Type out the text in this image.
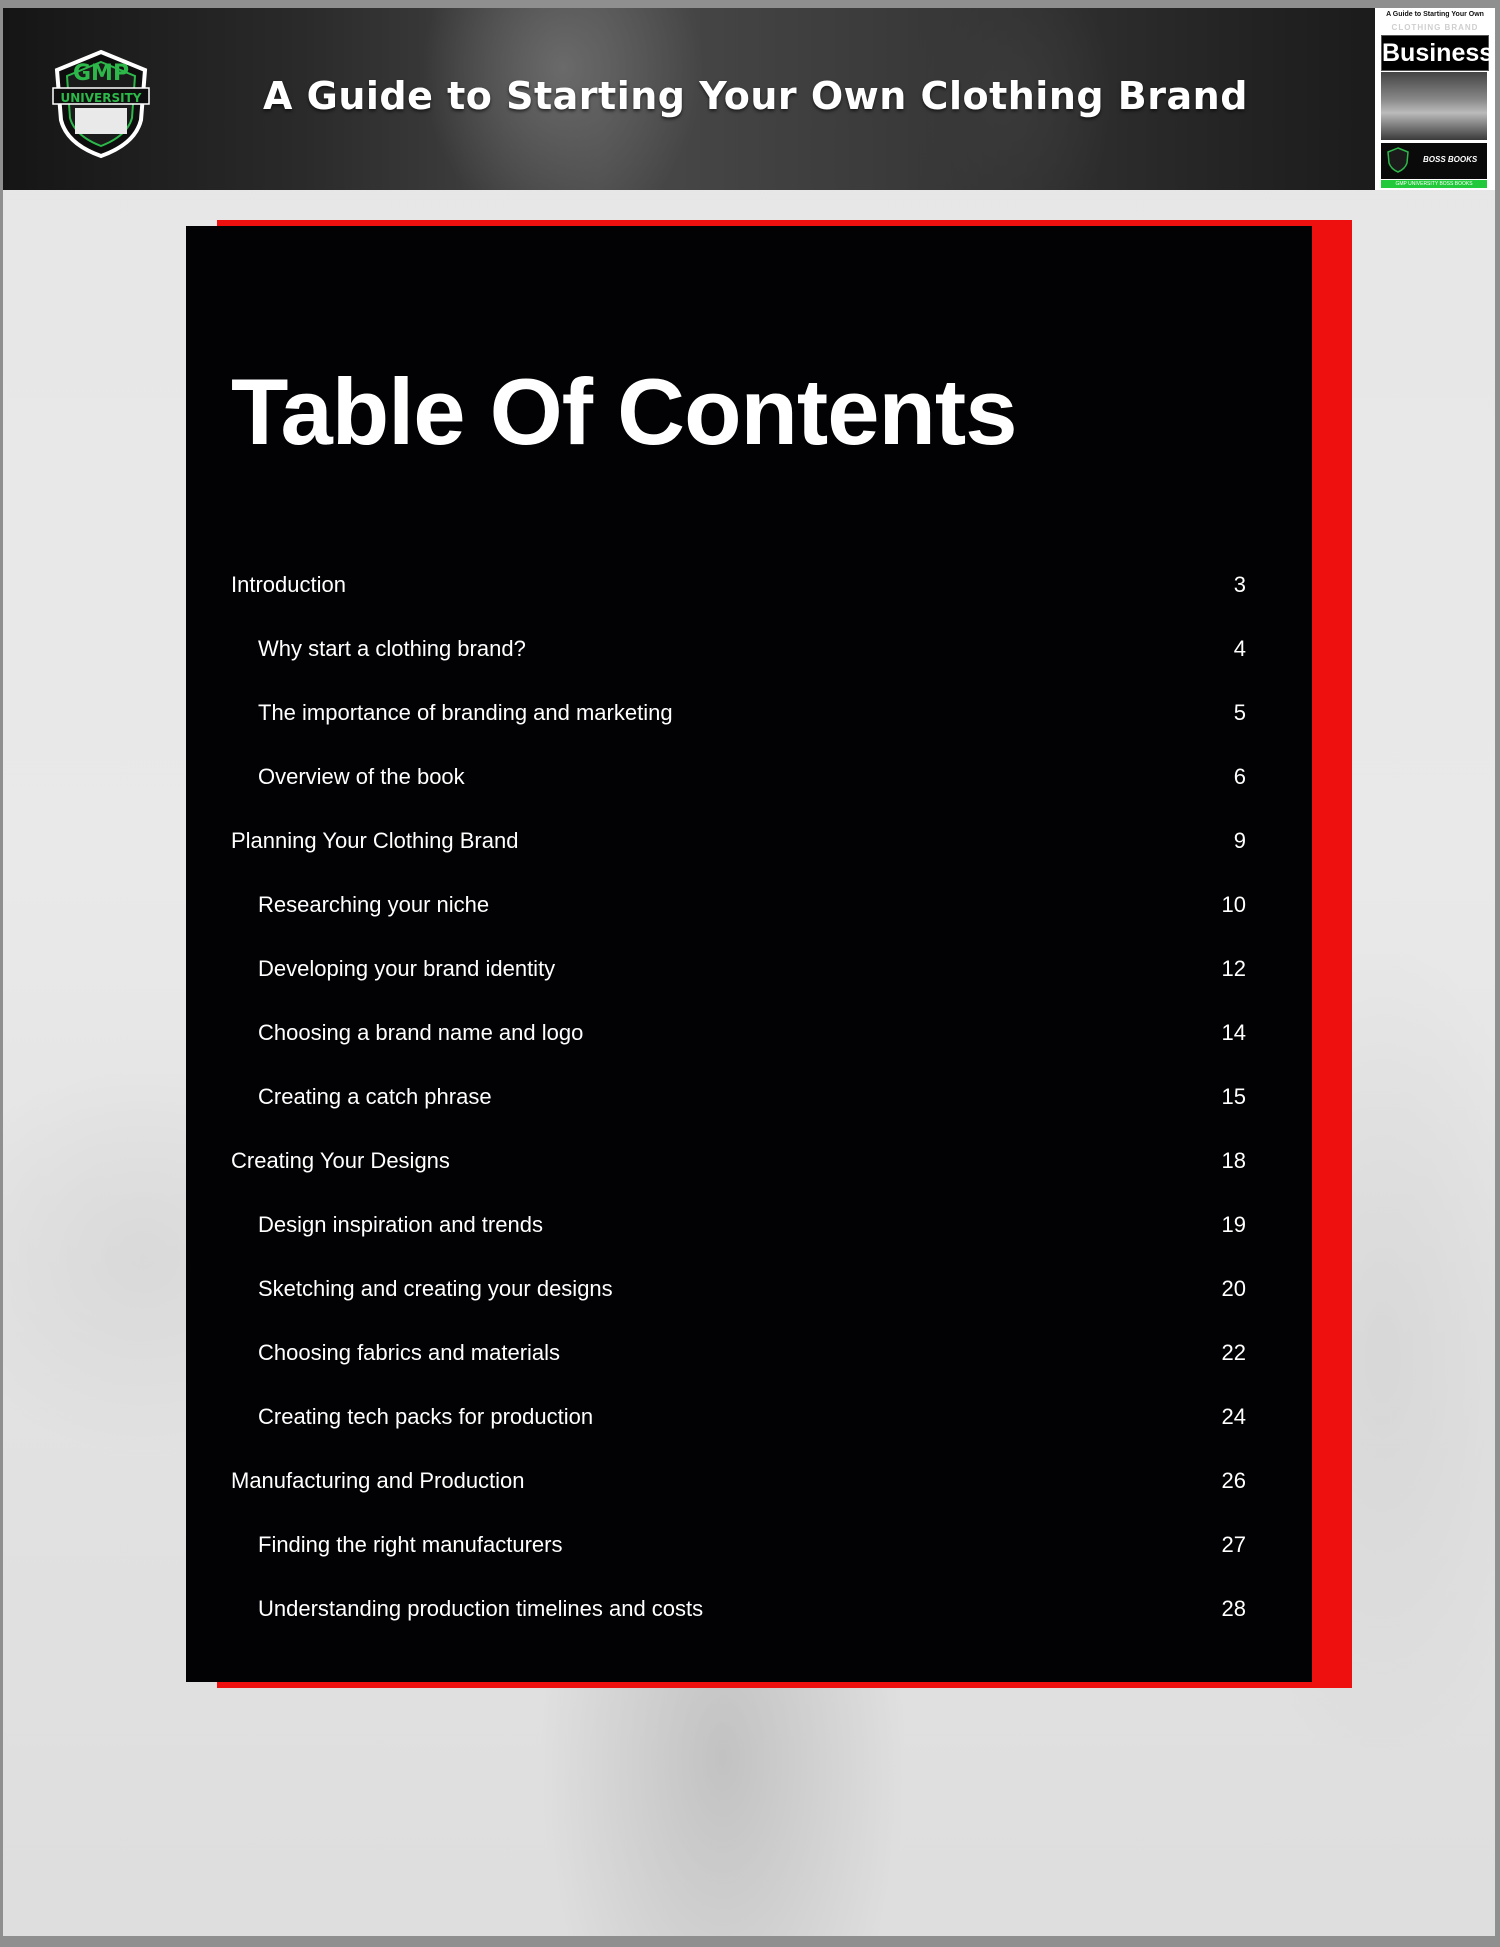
GMP
UNIVERSITY	A Guide to Starting Your Own Clothing Brand
A Guide to Starting Your Own
CLOTHING BRAND
Business
BOSS BOOKS
GMP UNIVERSITY BOSS BOOKS
Table Of Contents
Introduction	3
Why start a clothing brand?	4
The importance of branding and marketing	5
Overview of the book	6
Planning Your Clothing Brand	9
Researching your niche	10
Developing your brand identity	12
Choosing a brand name and logo	14
Creating a catch phrase	15
Creating Your Designs	18
Design inspiration and trends	19
Sketching and creating your designs	20
Choosing fabrics and materials	22
Creating tech packs for production	24
Manufacturing and Production	26
Finding the right manufacturers	27
Understanding production timelines and costs	28
